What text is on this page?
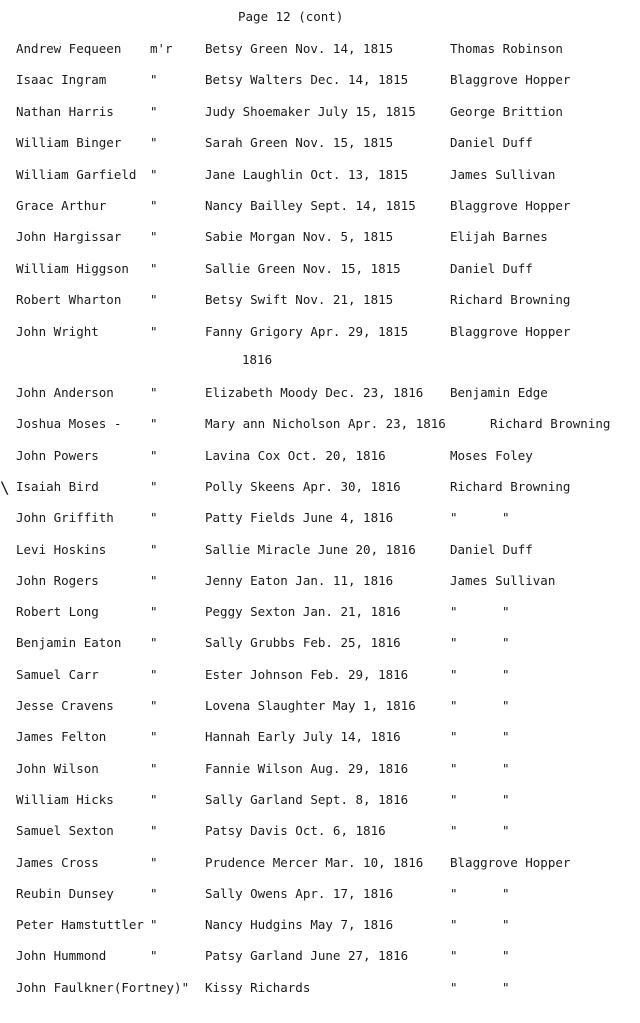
Page 12 (cont)
Andrew Fequeen m'r	Betsy Green Nov. 14, 1815	Thomas Robinson
Isaac Ingram	"	Betsy Walters Dec. 14, 1815	Blaggrove Hopper
Nathan Harris	"	Judy Shoemaker July 15, 1815	George Brittion
William Binger "	Sarah Green Nov. 15, 1815	Daniel Duff
William Garfield "	Jane Laughlin Oct. 13, 1815	James Sullivan
Grace Arthur	"	Nancy Bailley Sept. 14, 1815	Blaggrove Hopper
John Hargissar "	Sabie Morgan Nov. 5, 1815	Elijah Barnes
William Higgson "	Sallie Green Nov. 15, 1815	Daniel Duff
Robert Wharton "	Betsy Swift Nov. 21, 1815	Richard Browning
John Wright	"	Fanny Grigory Apr. 29, 1815	Blaggrove Hopper
1816
John Anderson	"	Elizabeth Moody Dec. 23, 1816 Benjamin Edge
Joshua Moses - "	Mary ann Nicholson Apr. 23, 1816	Richard Browning
John Powers	"	Lavina Cox Oct. 20, 1816	Moses Foley
Isaiah Bird	"	Polly Skeens Apr. 30, 1816	Richard Browning
John Griffith	"	Patty Fields June 4, 1816	"	"
Levi Hoskins	"	Sallie Miracle June 20, 1816	Daniel Duff
John Rogers	"	Jenny Eaton Jan. 11, 1816	James Sullivan
Robert Long	"	Peggy Sexton Jan. 21, 1816	"	"
Benjamin Eaton "	Sally Grubbs Feb. 25, 1816	"	"
Samuel Carr	"	Ester Johnson Feb. 29, 1816	"	"
Jesse Cravens	"	Lovena Slaughter May 1, 1816	"	"
James Felton	"	Hannah Early July 14, 1816	"	"
John Wilson	"	Fannie Wilson Aug. 29, 1816	"	"
William Hicks	"	Sally Garland Sept. 8, 1816	"	"
Samuel Sexton	"	Patsy Davis Oct. 6, 1816	"	"
James Cross	"	Prudence Mercer Mar. 10, 1816 Blaggrove Hopper
Reubin Dunsey	"	Sally Owens Apr. 17, 1816	"	"
Peter Hamstuttler "	Nancy Hudgins May 7, 1816	"	"
John Hummond	"	Patsy Garland June 27, 1816	"	"
John Faulkner(Fortney)" Kissy Richards	"	"
\
